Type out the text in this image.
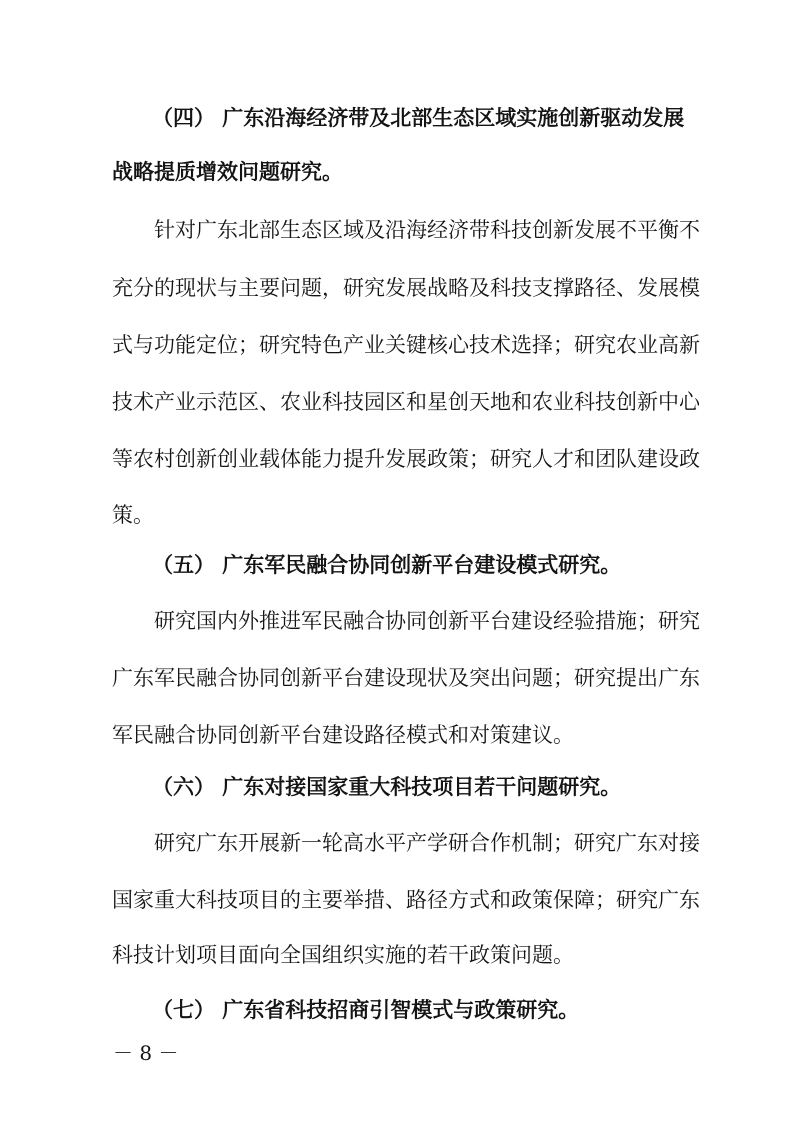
（四） 广东沿海经济带及北部生态区域实施创新驱动发展

战略提质增效问题研究。

针对广东北部生态区域及沿海经济带科技创新发展不平衡不

充分的现状与主要问题，研究发展战略及科技支撑路径、发展模

式与功能定位；研究特色产业关键核心技术选择；研究农业高新

技术产业示范区、农业科技园区和星创天地和农业科技创新中心

等农村创新创业载体能力提升发展政策；研究人才和团队建设政

策。

（五） 广东军民融合协同创新平台建设模式研究。

研究国内外推进军民融合协同创新平台建设经验措施；研究

广东军民融合协同创新平台建设现状及突出问题；研究提出广东

军民融合协同创新平台建设路径模式和对策建议。

（六） 广东对接国家重大科技项目若干问题研究。

研究广东开展新一轮高水平产学研合作机制；研究广东对接

国家重大科技项目的主要举措、路径方式和政策保障；研究广东

科技计划项目面向全国组织实施的若干政策问题。

（七） 广东省科技招商引智模式与政策研究。

－ 8 －
